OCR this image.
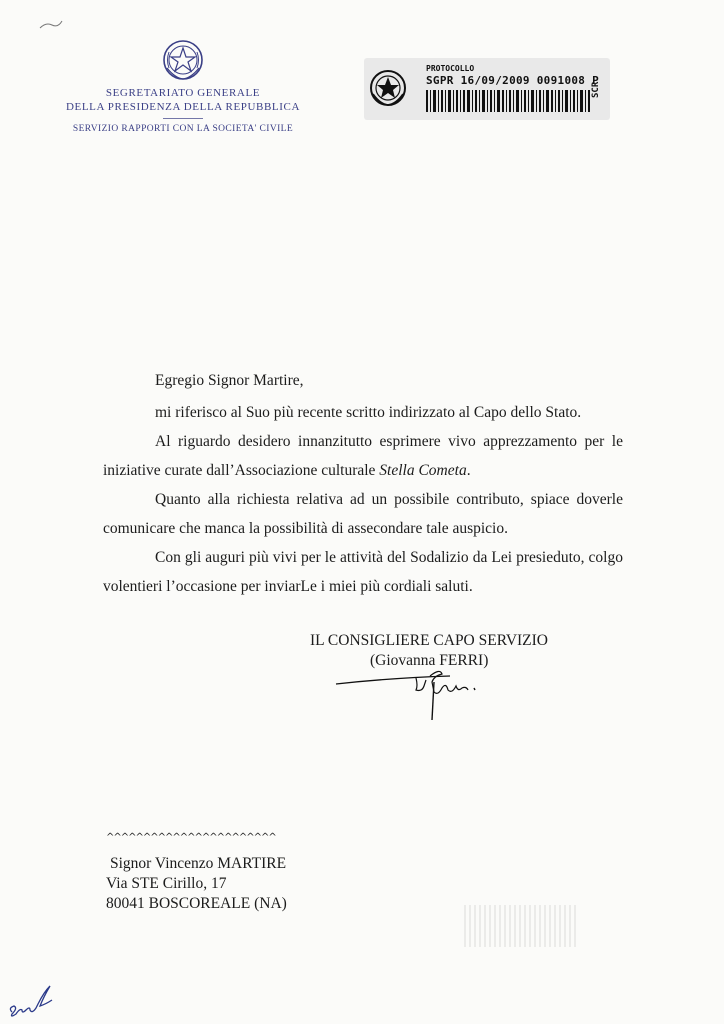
SEGRETARIATO GENERALE
DELLA PRESIDENZA DELLA REPUBBLICA
SERVIZIO RAPPORTI CON LA SOCIETA' CIVILE
PROTOCOLLO
SGPR 16/09/2009 0091008 P
SCR
Egregio Signor Martire,
mi riferisco al Suo più recente scritto indirizzato al Capo dello Stato.
Al riguardo desidero innanzitutto esprimere vivo apprezzamento per le iniziative curate dall’Associazione culturale Stella Cometa.
Quanto alla richiesta relativa ad un possibile contributo, spiace doverle comunicare che manca la possibilità di assecondare tale auspicio.
Con gli auguri più vivi per le attività del Sodalizio da Lei presieduto, colgo volentieri l’occasione per inviarLe i miei più cordiali saluti.
IL CONSIGLIERE CAPO SERVIZIO
(Giovanna FERRI)
^^^^^^^^^^^^^^^^^^^^^^^
Signor Vincenzo MARTIRE
Via STE Cirillo, 17
80041 BOSCOREALE (NA)
